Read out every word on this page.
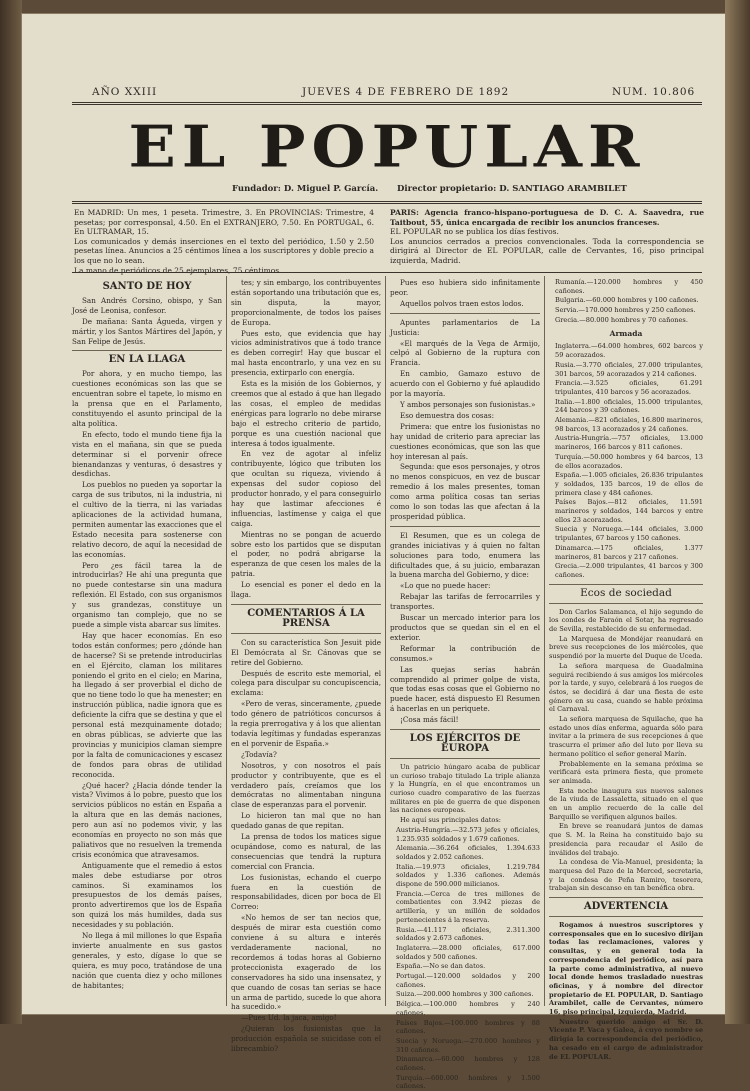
AÑO XXIII	JUEVES 4 DE FEBRERO DE 1892	NUM. 10.806
EL POPULAR
Fundador: D. Miguel P. García. Director propietario: D. SANTIAGO ARAMBILET
En MADRID: Un mes, 1 peseta. Trimestre, 3. En PROVINCIAS: Trimestre, 4 pesetas; por corresponsal, 4.50. En el EXTRANJERO, 7.50. En PORTUGAL, 6. En ULTRAMAR, 15.
Los comunicados y demás inserciones en el texto del periódico, 1.50 y 2.50 pesetas línea. Anuncios a 25 céntimos línea a los suscriptores y doble precio a los que no lo sean.
La mano de periódicos de 25 ejemplares, 75 céntimos.
PARIS: Agencia franco-hispano-portuguesa de D. C. A. Saavedra, rue Taitbout, 55, única encargada de recibir los anuncios franceses.
EL POPULAR no se publica los días festivos.
Los anuncios cerrados a precios convencionales. Toda la correspondencia se dirigirá al Director de EL POPULAR, calle de Cervantes, 16, piso principal izquierda, Madrid.
SANTO DE HOY

San Andrés Corsino, obispo, y San José de Leonisa, confesor.

De mañana: Santa Águeda, virgen y mártir, y los Santos Mártires del Japón, y San Felipe de Jesús.

EN LA LLAGA

Por ahora, y en mucho tiempo, las cuestiones económicas son las que se encuentran sobre el tapete, lo mismo en la prensa que en el Parlamento, constituyendo el asunto principal de la alta política.

En efecto, todo el mundo tiene fija la vista en el mañana, sin que se pueda determinar si el porvenir ofrece bienandanzas y venturas, ó desastres y desdichas.

Los pueblos no pueden ya soportar la carga de sus tributos, ni la industria, ni el cultivo de la tierra, ni las variadas aplicaciones de la actividad humana, permiten aumentar las exacciones que el Estado necesita para sostenerse con relativo decoro, de aquí la necesidad de las economías.

Pero ¿es fácil tarea la de introducirlas? He ahí una pregunta que no puede contestarse sin una madura reflexión. El Estado, con sus organismos y sus grandezas, constituye un organismo tan complejo, que no se puede a simple vista abarcar sus límites.

Hay que hacer economías. En eso todos están conformes; pero ¿dónde han de hacerse? Si se pretende introducirlas en el Ejército, claman los militares poniendo el grito en el cielo; en Marina, ha llegado á ser proverbial el dicho de que no tiene todo lo que ha menester; en instrucción pública, nadie ignora que es deficiente la cifra que se destina y que el personal está mezquinamente dotado; en obras públicas, se advierte que las provincias y municipios claman siempre por la falta de comunicaciones y escasez de fondos para obras de utilidad reconocida.

¿Qué hacer? ¿Hacia dónde tender la vista? Vivimos á lo pobre, puesto que los servicios públicos no están en España a la altura que en las demás naciones, pero aun así no podemos vivir, y las economías en proyecto no son más que paliativos que no resuelven la tremenda crisis económica que atravesamos.

Antiguamente que el remedio á estos males debe estudiarse por otros caminos. Si examinamos los presupuestos de los demás países, pronto advertiremos que los de España son quizá los más humildes, dada sus necesidades y su población.

No llega á mil millones lo que España invierte anualmente en sus gastos generales, y esto, dígase lo que se quiera, es muy poco, tratándose de una nación que cuenta diez y ocho millones de habitantes;

tes; y sin embargo, los contribuyentes están soportando una tributación que es, sin disputa, la mayor, proporcionalmente, de todos los países de Europa.

Pues esto, que evidencia que hay vicios administrativos que á todo trance es deben corregir! Hay que buscar el mal hasta encontrarlo, y una vez en su presencia, extirparlo con energía.

Esta es la misión de los Gobiernos, y creemos que al estado á que han llegado las cosas, el empleo de medidas enérgicas para lograrlo no debe mirarse bajo el estrecho criterio de partido, porque es una cuestión nacional que interesa á todos igualmente.

En vez de agotar al infeliz contribuyente, lógico que tributen los que ocultan su riqueza, viviendo á expensas del sudor copioso del productor honrado, y el para conseguirlo hay que lastimar afecciones é influencias, lastímense y caiga el que caiga.

Mientras no se pongan de acuerdo sobre esto los partidos que se disputan el poder, no podrá abrigarse la esperanza de que cesen los males de la patria.

Lo esencial es poner el dedo en la llaga.

COMENTARIOS Á LA PRENSA

Con su característica Son Jesuit pide El Demócrata al Sr. Cánovas que se retire del Gobierno.

Después de escrito este memorial, el colega para disculpar su concupiscencia, exclama:

«Pero de veras, sinceramente, ¿puede todo género de patrióticos concursos á la regia prerrogativa y á los que alientan todavía legítimas y fundadas esperanzas en el porvenir de España.»

¿Todavía?

Nosotros, y con nosotros el país productor y contribuyente, que es el verdadero país, creíamos que los demócratas no alimentaban ninguna clase de esperanzas para el porvenir.

Lo hicieron tan mal que no han quedado ganas de que repitan.

La prensa de todos los matices sigue ocupándose, como es natural, de las consecuencias que tendrá la ruptura comercial con Francia.

Los fusionistas, echando el cuerpo fuera en la cuestión de responsabilidades, dicen por boca de El Correo:

«No hemos de ser tan necios que, después de mirar esta cuestión como conviene á su altura e interés verdaderamente nacional, no recordemos á todas horas al Gobierno proteccionista exagerado de los conservadores ha sido una insensatez, y que cuando de cosas tan serias se hace un arma de partido, sucede lo que ahora ha sucedido.»

—Pues Ud. la jaca, amigo!

¿Quieran los fusionistas que la producción española se suicidase con el librecambio?

Pues eso hubiera sido infinitamente peor.

Aquellos polvos traen estos lodos.

Apuntes parlamentarios de La Justicia:

«El marqués de la Vega de Armijo, celpó al Gobierno de la ruptura con Francia.

En cambio, Gamazo estuvo de acuerdo con el Gobierno y fué aplaudido por la mayoría.

Y ambos personajes son fusionistas.»

Eso demuestra dos cosas:

Primera: que entre los fusionistas no hay unidad de criterio para apreciar las cuestiones económicas, que son las que hoy interesan al país.

Segunda: que esos personajes, y otros no menos conspicuos, en vez de buscar remedio á los males presentes, toman como arma política cosas tan serias como lo son todas las que afectan á la prosperidad pública.

El Resumen, que es un colega de grandes iniciativas y á quien no faltan soluciones para todo, enumera las dificultades que, á su juicio, embarazan la buena marcha del Gobierno, y dice:

«Lo que no puede hacer:

Rebajar las tarifas de ferrocarriles y transportes.

Buscar un mercado interior para los productos que se quedan sin el en el exterior.

Reformar la contribución de consumos.»

Las quejas serías habrán comprendido al primer golpe de vista, que todas esas cosas que el Gobierno no puede hacer, está dispuesto El Resumen á hacerlas en un periquete.

¡Cosa más fácil!

LOS EJÉRCITOS DE EUROPA

Un patricio húngaro acaba de publicar un curioso trabajo titulado La triple alianza y la Hungría, en el que encontramos un curioso cuadro comparativo de las fuerzas militares en pie de guerra de que disponen las naciones europeas.

He aquí sus principales datos:

Austria-Hungría.—32.573 jefes y oficiales, 1.235.935 soldados y 1.679 cañones.

Alemania.—36.264 oficiales, 1.394.633 soldados y 2.052 cañones.

Italia.—19.973 oficiales, 1.219.784 soldados y 1.336 cañones. Además dispone de 590.000 milicianos.

Francia.—Cerca de tres millones de combatientes con 3.942 piezas de artillería, y un millón de soldados pertenecientes á la reserva.

Rusia.—41.117 oficiales, 2.311.300 soldados y 2.673 cañones.

Inglaterra.—28.000 oficiales, 617.000 soldados y 500 cañones.

España.—No se dan datos.

Portugal.—120.000 soldados y 200 cañones.

Suiza.—200.000 hombres y 300 cañones.

Bélgica.—100.000 hombres y 240 cañones.

Países Bajos.—100.000 hombres y 88 cañones.

Suecia y Noruega.—270.000 hombres y 310 cañones.

Dinamarca.—60.000 hombres y 128 cañones.

Turquía.—600.000 hombres y 1.500 cañones.

Rumanía.—120.000 hombres y 450 cañones.

Bulgaria.—60.000 hombres y 100 cañones.

Servia.—170.000 hombres y 250 cañones.

Grecia.—80.000 hombres y 70 cañones.

Armada

Inglaterra.—64.000 hombres, 602 barcos y 59 acorazados.

Rusia.—3.770 oficiales, 27.000 tripulantes, 301 barcos, 59 acorazados y 214 cañones.

Francia.—3.525 oficiales, 61.291 tripulantes, 410 barcos y 56 acorazados.

Italia.—1.800 oficiales, 15.000 tripulantes, 244 barcos y 39 cañones.

Alemania.—821 oficiales, 16.800 marineros, 98 barcos, 13 acorazados y 24 cañones.

Austria-Hungría.—757 oficiales, 13.000 marineros, 166 barcos y 811 cañones.

Turquía.—50.000 hombres y 64 barcos, 13 de ellos acorazados.

España.—1.005 oficiales, 26.836 tripulantes y soldados, 135 barcos, 19 de ellos de primera clase y 484 cañones.

Países Bajos.—812 oficiales, 11.591 marineros y soldados, 144 barcos y entre ellos 23 acorazados.

Suecia y Noruega.—144 oficiales, 3.000 tripulantes, 67 barcos y 150 cañones.

Dinamarca.—175 oficiales, 1.377 marineros, 81 barcos y 217 cañones.

Grecia.—2.000 tripulantes, 41 barcos y 300 cañones.

Ecos de sociedad

Don Carlos Salamanca, el hijo segundo de los condes de Faraón el Sotar, ha regresado de Sevilla, restablecido de su enfermedad.

La Marquesa de Mondéjar reanudará en breve sus recepciones de los miércoles, que suspendió por la muerte del Duque de Uceda.

La señora marquesa de Guadalmina seguirá recibiendo á sus amigos los miércoles por la tarde, y suyo, celebrará á los ruegos de éstos, se decidirá á dar una fiesta de este género en su casa, cuando se hable próxima el Carnaval.

La señora marquesa de Squilache, que ha estado unos días enferma, aguarda sólo para invitar a la primera de sus recepciones á que trascurra el primer año del luto por lleva su hermano político el señor general Marín.

Probablemente en la semana próxima se verificará esta primera fiesta, que promete ser animada.

Esta noche inaugura sus nuevos salones de la viuda de Lassaletta, situado en el que en un amplio recuerdo de la calle del Barquillo se verifiquen algunos bailes.

En breve se reanudará juntos de damas que S. M. la Reina ha constituido bajo su presidencia para recaudar el Asilo de inválidos del trabajo.

La condesa de Vía-Manuel, presidenta; la marquesa del Pazo de la Merced, secretaria, y la condesa de Peña Ramiro, tesorera, trabajan sin descanso en tan benéfica obra.

ADVERTENCIA

Rogamos á nuestros suscriptores y corresponsales que en lo sucesivo dirijan todas las reclamaciones, valores y consultas, y en general toda la correspondencia del periódico, así para la parte como administrativa, al nuevo local donde hemos trasladado nuestras oficinas, y á nombre del director propietario de EL POPULAR, D. Santiago Arambilet, calle de Cervantes, número 16, piso principal, izquierda, Madrid.

Nuestro querido amigo el Sr. D. Vicente P. Vaca y Galea, á cuyo nombre se dirigía la correspondencia del periódico, ha cesado en el cargo de administrador de EL POPULAR.
